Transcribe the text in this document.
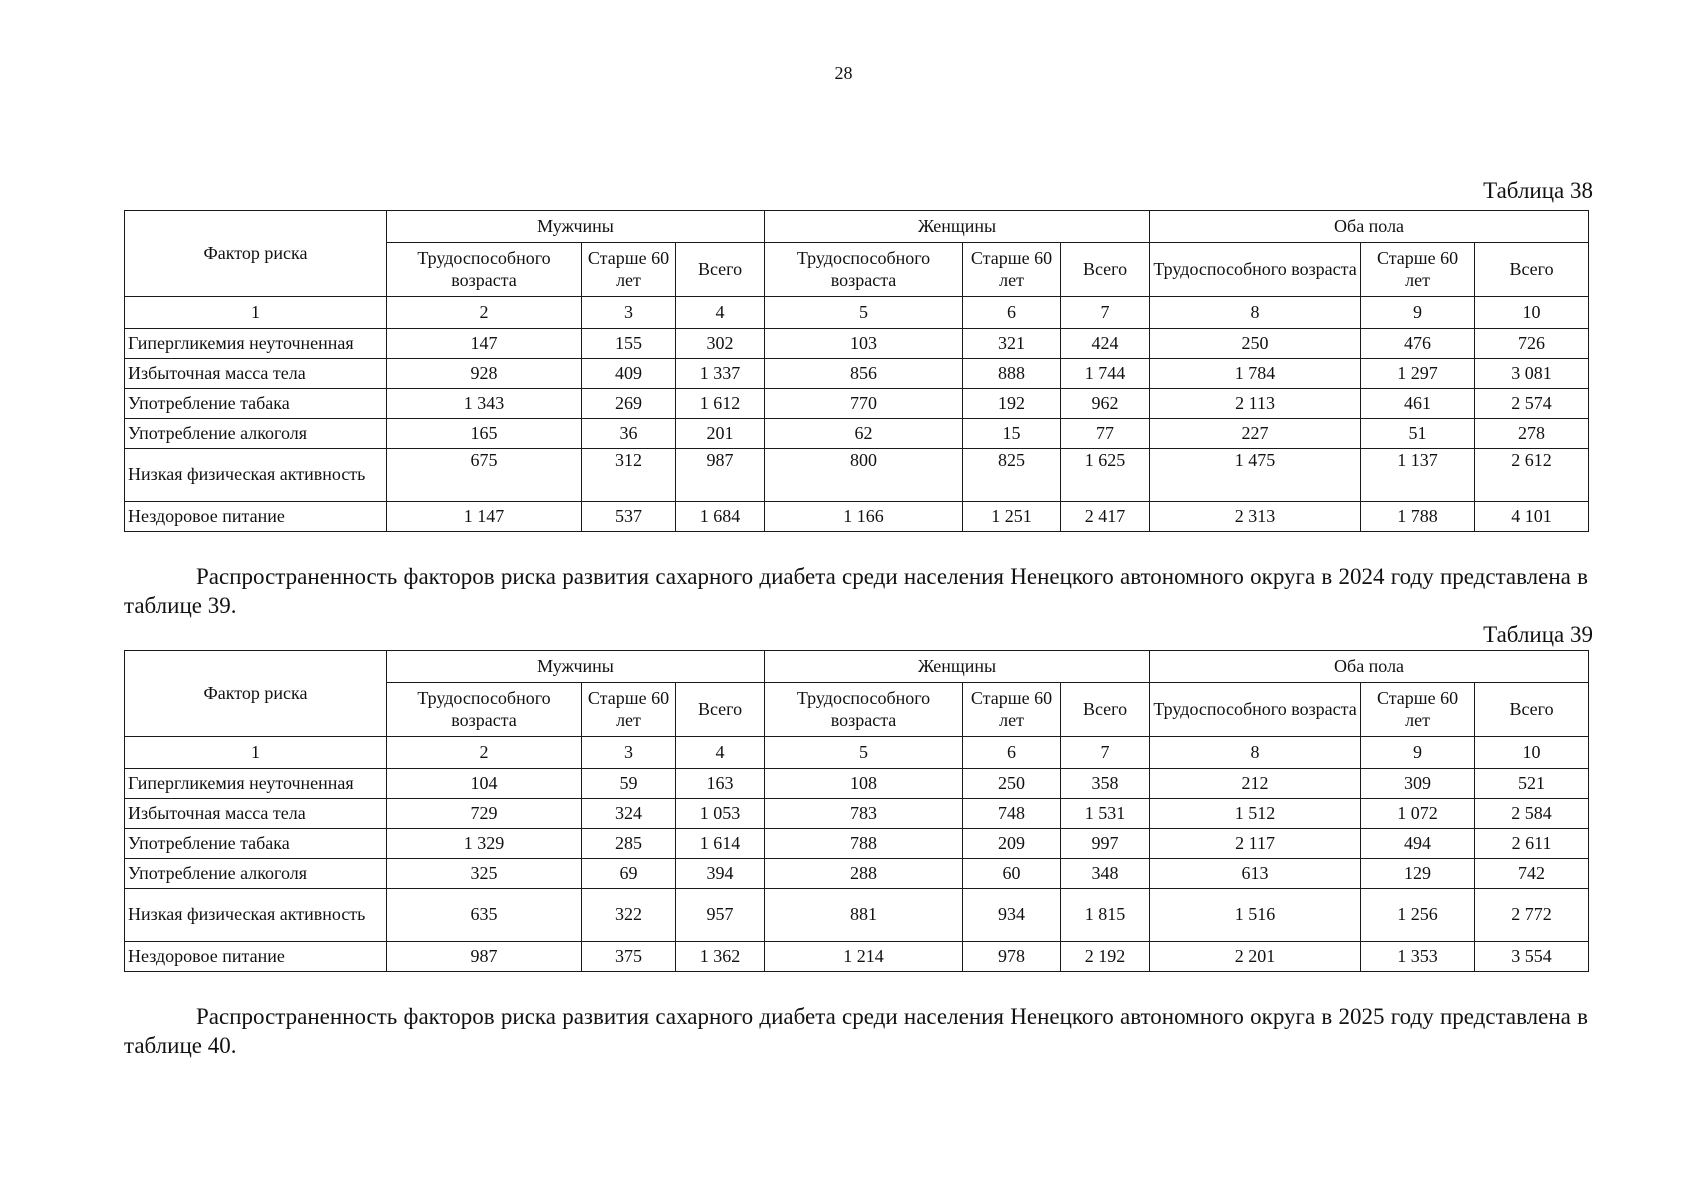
28
Таблица 38
Фактор риска	Мужчины			Женщины			Оба пола		
	Трудоспособного возраста	Старше 60 лет	Всего	Трудоспособного возраста	Старше 60 лет	Всего	Трудоспособного возраста	Старше 60 лет	Всего
1	2	3	4	5	6	7	8	9	10
Гипергликемия неуточненная	147	155	302	103	321	424	250	476	726
Избыточная масса тела	928	409	1 337	856	888	1 744	1 784	1 297	3 081
Употребление табака	1 343	269	1 612	770	192	962	2 113	461	2 574
Употребление алкоголя	165	36	201	62	15	77	227	51	278
Низкая физическая активность	675	312	987	800	825	1 625	1 475	1 137	2 612
Нездоровое питание	1 147	537	1 684	1 166	1 251	2 417	2 313	1 788	4 101

Распространенность факторов риска развития сахарного диабета среди населения Ненецкого автономного округа в 2024 году представлена в таблице 39.

Таблица 39
Фактор риска	Мужчины			Женщины			Оба пола		
	Трудоспособного возраста	Старше 60 лет	Всего	Трудоспособного возраста	Старше 60 лет	Всего	Трудоспособного возраста	Старше 60 лет	Всего
1	2	3	4	5	6	7	8	9	10
Гипергликемия неуточненная	104	59	163	108	250	358	212	309	521
Избыточная масса тела	729	324	1 053	783	748	1 531	1 512	1 072	2 584
Употребление табака	1 329	285	1 614	788	209	997	2 117	494	2 611
Употребление алкоголя	325	69	394	288	60	348	613	129	742
Низкая физическая активность	635	322	957	881	934	1 815	1 516	1 256	2 772
Нездоровое питание	987	375	1 362	1 214	978	2 192	2 201	1 353	3 554

Распространенность факторов риска развития сахарного диабета среди населения Ненецкого автономного округа в 2025 году представлена в таблице 40.
